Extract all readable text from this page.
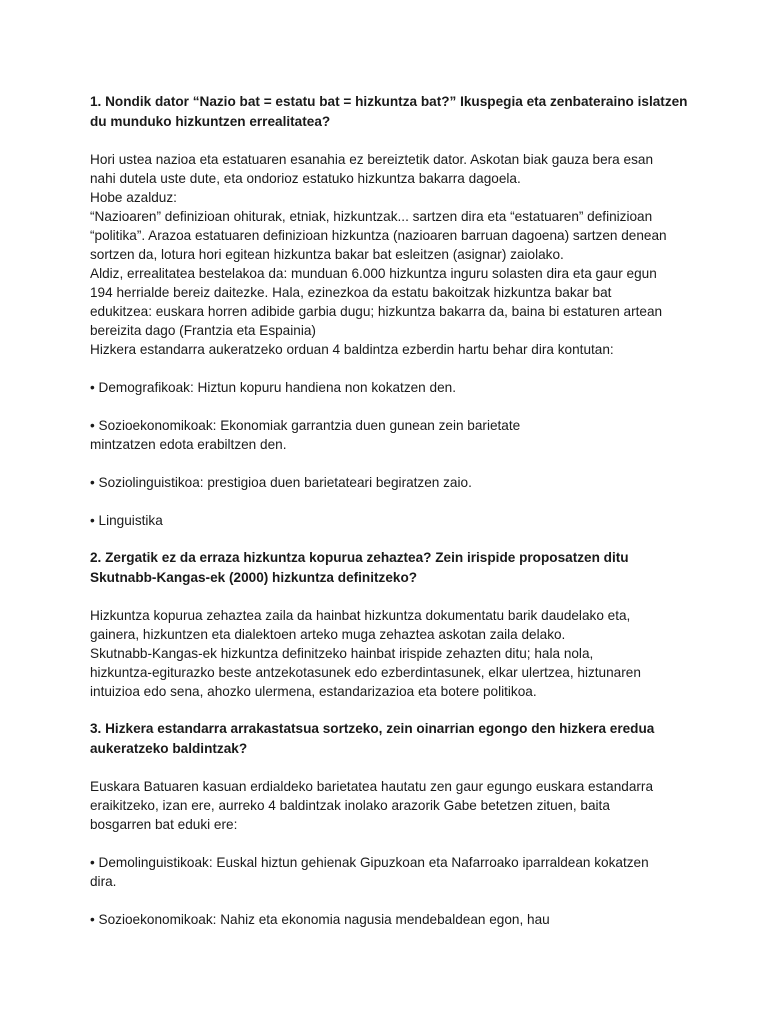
1. Nondik dator “Nazio bat = estatu bat = hizkuntza bat?” Ikuspegia eta zenbateraino islatzen du munduko hizkuntzen errealitatea?

Hori ustea nazioa eta estatuaren esanahia ez bereiztetik dator. Askotan biak gauza bera esan

nahi dutela uste dute, eta ondorioz estatuko hizkuntza bakarra dagoela.

Hobe azalduz:

“Nazioaren” definizioan ohiturak, etniak, hizkuntzak... sartzen dira eta “estatuaren” definizioan

“politika”. Arazoa estatuaren definizioan hizkuntza (nazioaren barruan dagoena) sartzen denean

sortzen da, lotura hori egitean hizkuntza bakar bat esleitzen (asignar) zaiolako.

Aldiz, errealitatea bestelakoa da: munduan 6.000 hizkuntza inguru solasten dira eta gaur egun

194 herrialde bereiz daitezke. Hala, ezinezkoa da estatu bakoitzak hizkuntza bakar bat

edukitzea: euskara horren adibide garbia dugu; hizkuntza bakarra da, baina bi estaturen artean

bereizita dago (Frantzia eta Espainia)

Hizkera estandarra aukeratzeko orduan 4 baldintza ezberdin hartu behar dira kontutan:

• Demografikoak: Hiztun kopuru handiena non kokatzen den.

• Sozioekonomikoak: Ekonomiak garrantzia duen gunean zein barietate

mintzatzen edota erabiltzen den.

• Soziolinguistikoa: prestigioa duen barietateari begiratzen zaio.

• Linguistika

2. Zergatik ez da erraza hizkuntza kopurua zehaztea? Zein irispide proposatzen ditu
Skutnabb-Kangas-ek (2000) hizkuntza definitzeko?

Hizkuntza kopurua zehaztea zaila da hainbat hizkuntza dokumentatu barik daudelako eta,

gainera, hizkuntzen eta dialektoen arteko muga zehaztea askotan zaila delako.

Skutnabb-Kangas-ek hizkuntza definitzeko hainbat irispide zehazten ditu; hala nola,

hizkuntza-egiturazko beste antzekotasunek edo ezberdintasunek, elkar ulertzea, hiztunaren

intuizioa edo sena, ahozko ulermena, estandarizazioa eta botere politikoa.

3. Hizkera estandarra arrakastatsua sortzeko, zein oinarrian egongo den hizkera eredua
aukeratzeko baldintzak?

Euskara Batuaren kasuan erdialdeko barietatea hautatu zen gaur egungo euskara estandarra

eraikitzeko, izan ere, aurreko 4 baldintzak inolako arazorik Gabe betetzen zituen, baita

bosgarren bat eduki ere:

• Demolinguistikoak: Euskal hiztun gehienak Gipuzkoan eta Nafarroako iparraldean kokatzen

dira.

• Sozioekonomikoak: Nahiz eta ekonomia nagusia mendebaldean egon, hau
